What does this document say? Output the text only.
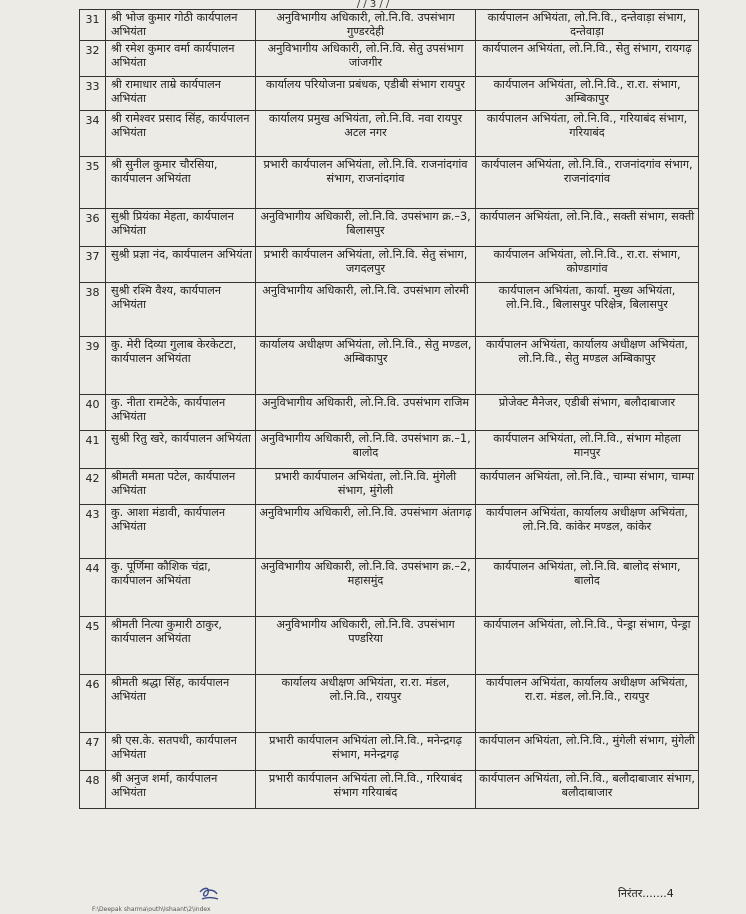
/ / 3 / /
31	श्री भोज कुमार गोठी कार्यपालन अभियंता	अनुविभागीय अधिकारी, लो.नि.वि. उपसंभाग गुण्डरदेही	कार्यपालन अभियंता, लो.नि.वि., दन्तेवाड़ा संभाग, दन्तेवाड़ा
32	श्री रमेश कुमार वर्मा कार्यपालन अभियंता	अनुविभागीय अधिकारी, लो.नि.वि. सेतु उपसंभाग जांजगीर	कार्यपालन अभियंता, लो.नि.वि., सेतु संभाग, रायगढ़
33	श्री रामाधार ताम्रे कार्यपालन अभियंता	कार्यालय परियोजना प्रबंधक, एडीबी संभाग रायपुर	कार्यपालन अभियंता, लो.नि.वि., रा.रा. संभाग, अम्बिकापुर
34	श्री रामेश्वर प्रसाद सिंह, कार्यपालन अभियंता	कार्यालय प्रमुख अभियंता, लो.नि.वि. नवा रायपुर अटल नगर	कार्यपालन अभियंता, लो.नि.वि., गरियाबंद संभाग, गरियाबंद
35	श्री सुनील कुमार चौरसिया, कार्यपालन अभियंता	प्रभारी कार्यपालन अभियंता, लो.नि.वि. राजनांदगांव संभाग, राजनांदगांव	कार्यपालन अभियंता, लो.नि.वि., राजनांदगांव संभाग, राजनांदगांव
36	सुश्री प्रियंका मेहता, कार्यपालन अभियंता	अनुविभागीय अधिकारी, लो.नि.वि. उपसंभाग क्र.–3, बिलासपुर	कार्यपालन अभियंता, लो.नि.वि., सक्ती संभाग, सक्ती
37	सुश्री प्रज्ञा नंद, कार्यपालन अभियंता	प्रभारी कार्यपालन अभियंता, लो.नि.वि. सेतु संभाग, जगदलपुर	कार्यपालन अभियंता, लो.नि.वि., रा.रा. संभाग, कोण्डागांव
38	सुश्री रश्मि वैश्य, कार्यपालन अभियंता	अनुविभागीय अधिकारी, लो.नि.वि. उपसंभाग लोरमी	कार्यपालन अभियंता, कार्या. मुख्य अभियंता, लो.नि.वि., बिलासपुर परिक्षेत्र, बिलासपुर
39	कु. मेरी दिव्या गुलाब केरकेटटा, कार्यपालन अभियंता	कार्यालय अधीक्षण अभियंता, लो.नि.वि., सेतु मण्डल, अम्बिकापुर	कार्यपालन अभियंता, कार्यालय अधीक्षण अभियंता, लो.नि.वि., सेतु मण्डल अम्बिकापुर
40	कु. नीता रामटेके, कार्यपालन अभियंता	अनुविभागीय अधिकारी, लो.नि.वि. उपसंभाग राजिम	प्रोजेक्ट मैनेजर, एडीबी संभाग, बलौदाबाजार
41	सुश्री रितु खरे, कार्यपालन अभियंता	अनुविभागीय अधिकारी, लो.नि.वि. उपसंभाग क्र.–1, बालोद	कार्यपालन अभियंता, लो.नि.वि., संभाग मोहला मानपुर
42	श्रीमती ममता पटेल, कार्यपालन अभियंता	प्रभारी कार्यपालन अभियंता, लो.नि.वि. मुंगेली संभाग, मुंगेली	कार्यपालन अभियंता, लो.नि.वि., चाम्पा संभाग, चाम्पा
43	कु. आशा मंडावी, कार्यपालन अभियंता	अनुविभागीय अधिकारी, लो.नि.वि. उपसंभाग अंतागढ़	कार्यपालन अभियंता, कार्यालय अधीक्षण अभियंता, लो.नि.वि. कांकेर मण्डल, कांकेर
44	कु. पूर्णिमा कौशिक चंद्रा, कार्यपालन अभियंता	अनुविभागीय अधिकारी, लो.नि.वि. उपसंभाग क्र.–2, महासमुंद	कार्यपालन अभियंता, लो.नि.वि. बालोद संभाग, बालोद
45	श्रीमती नित्या कुमारी ठाकुर, कार्यपालन अभियंता	अनुविभागीय अधिकारी, लो.नि.वि. उपसंभाग पण्डरिया	कार्यपालन अभियंता, लो.नि.वि., पेन्ड्रा संभाग, पेन्ड्रा
46	श्रीमती श्रद्धा सिंह, कार्यपालन अभियंता	कार्यालय अधीक्षण अभियंता, रा.रा. मंडल, लो.नि.वि., रायपुर	कार्यपालन अभियंता, कार्यालय अधीक्षण अभियंता, रा.रा. मंडल, लो.नि.वि., रायपुर
47	श्री एस.के. सतपथी, कार्यपालन अभियंता	प्रभारी कार्यपालन अभियंता लो.नि.वि., मनेन्द्रगढ़ संभाग, मनेन्द्रगढ़	कार्यपालन अभियंता, लो.नि.वि., मुंगेली संभाग, मुंगेली
48	श्री अनुज शर्मा, कार्यपालन अभियंता	प्रभारी कार्यपालन अभियंता लो.नि.वि., गरियाबंद संभाग गरियाबंद	कार्यपालन अभियंता, लो.नि.वि., बलौदाबाजार संभाग, बलौदाबाजार
F:\Deepak sharma\outh\Ishaant\2\index
निरंतर.......4
